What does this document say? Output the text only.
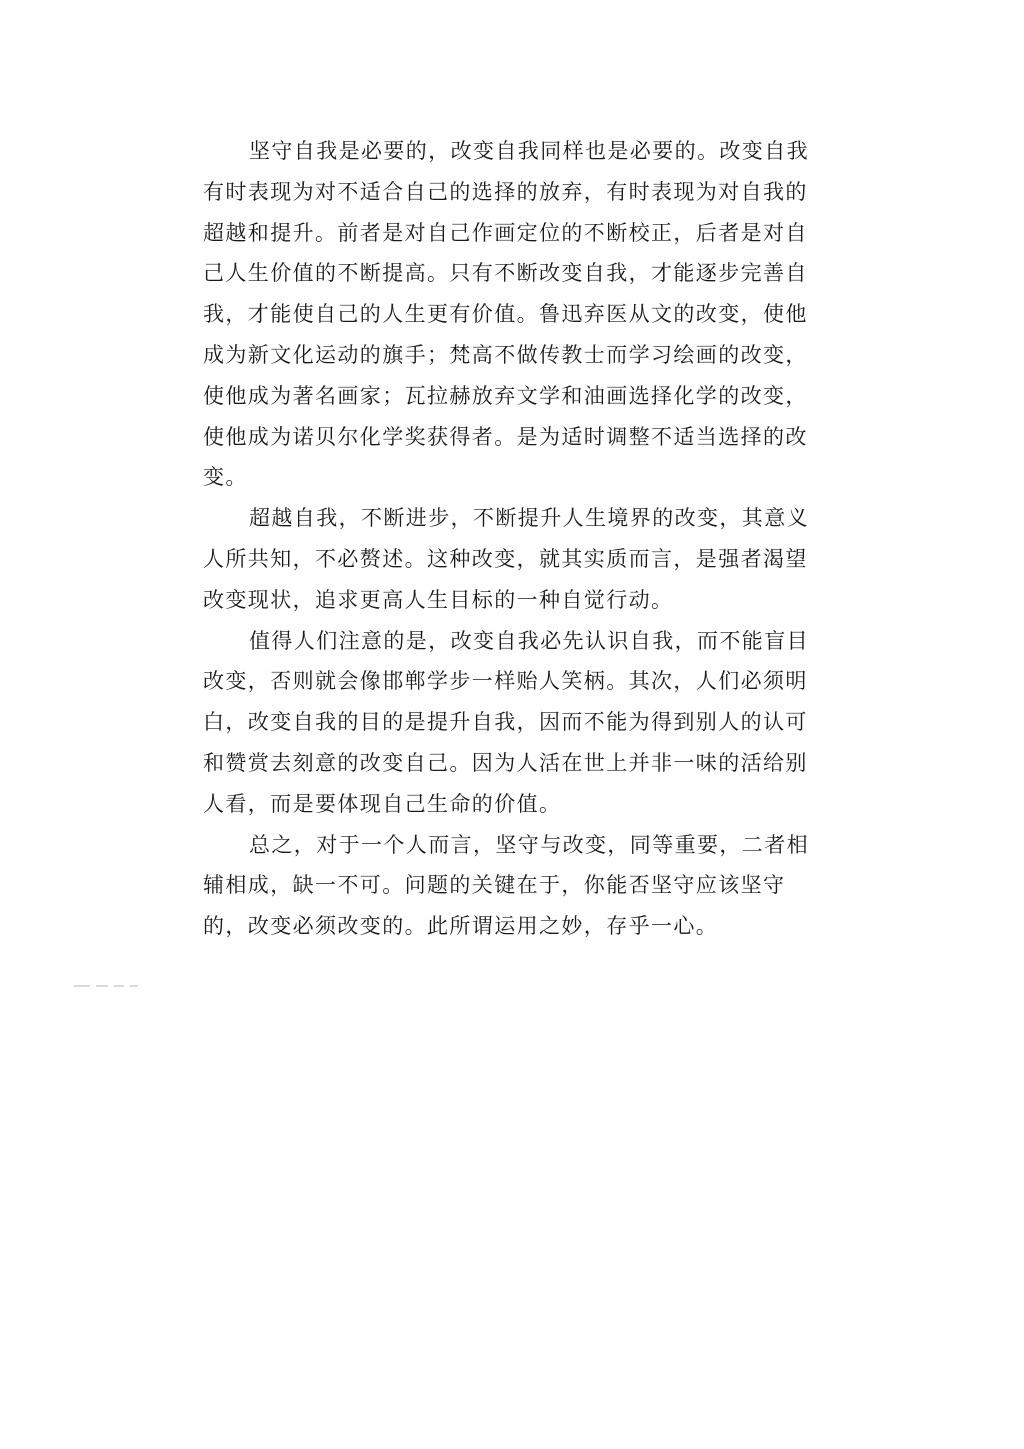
坚守自我是必要的，改变自我同样也是必要的。改变自我
有时表现为对不适合自己的选择的放弃，有时表现为对自我的
超越和提升。前者是对自己作画定位的不断校正，后者是对自
己人生价值的不断提高。只有不断改变自我，才能逐步完善自
我，才能使自己的人生更有价值。鲁迅弃医从文的改变，使他
成为新文化运动的旗手；梵高不做传教士而学习绘画的改变，
使他成为著名画家；瓦拉赫放弃文学和油画选择化学的改变，
使他成为诺贝尔化学奖获得者。是为适时调整不适当选择的改
变。
超越自我，不断进步，不断提升人生境界的改变，其意义
人所共知，不必赘述。这种改变，就其实质而言，是强者渴望
改变现状，追求更高人生目标的一种自觉行动。
值得人们注意的是，改变自我必先认识自我，而不能盲目
改变，否则就会像邯郸学步一样贻人笑柄。其次，人们必须明
白，改变自我的目的是提升自我，因而不能为得到别人的认可
和赞赏去刻意的改变自己。因为人活在世上并非一味的活给别
人看，而是要体现自己生命的价值。
总之，对于一个人而言，坚守与改变，同等重要，二者相
辅相成，缺一不可。问题的关键在于，你能否坚守应该坚守
的，改变必须改变的。此所谓运用之妙，存乎一心。
